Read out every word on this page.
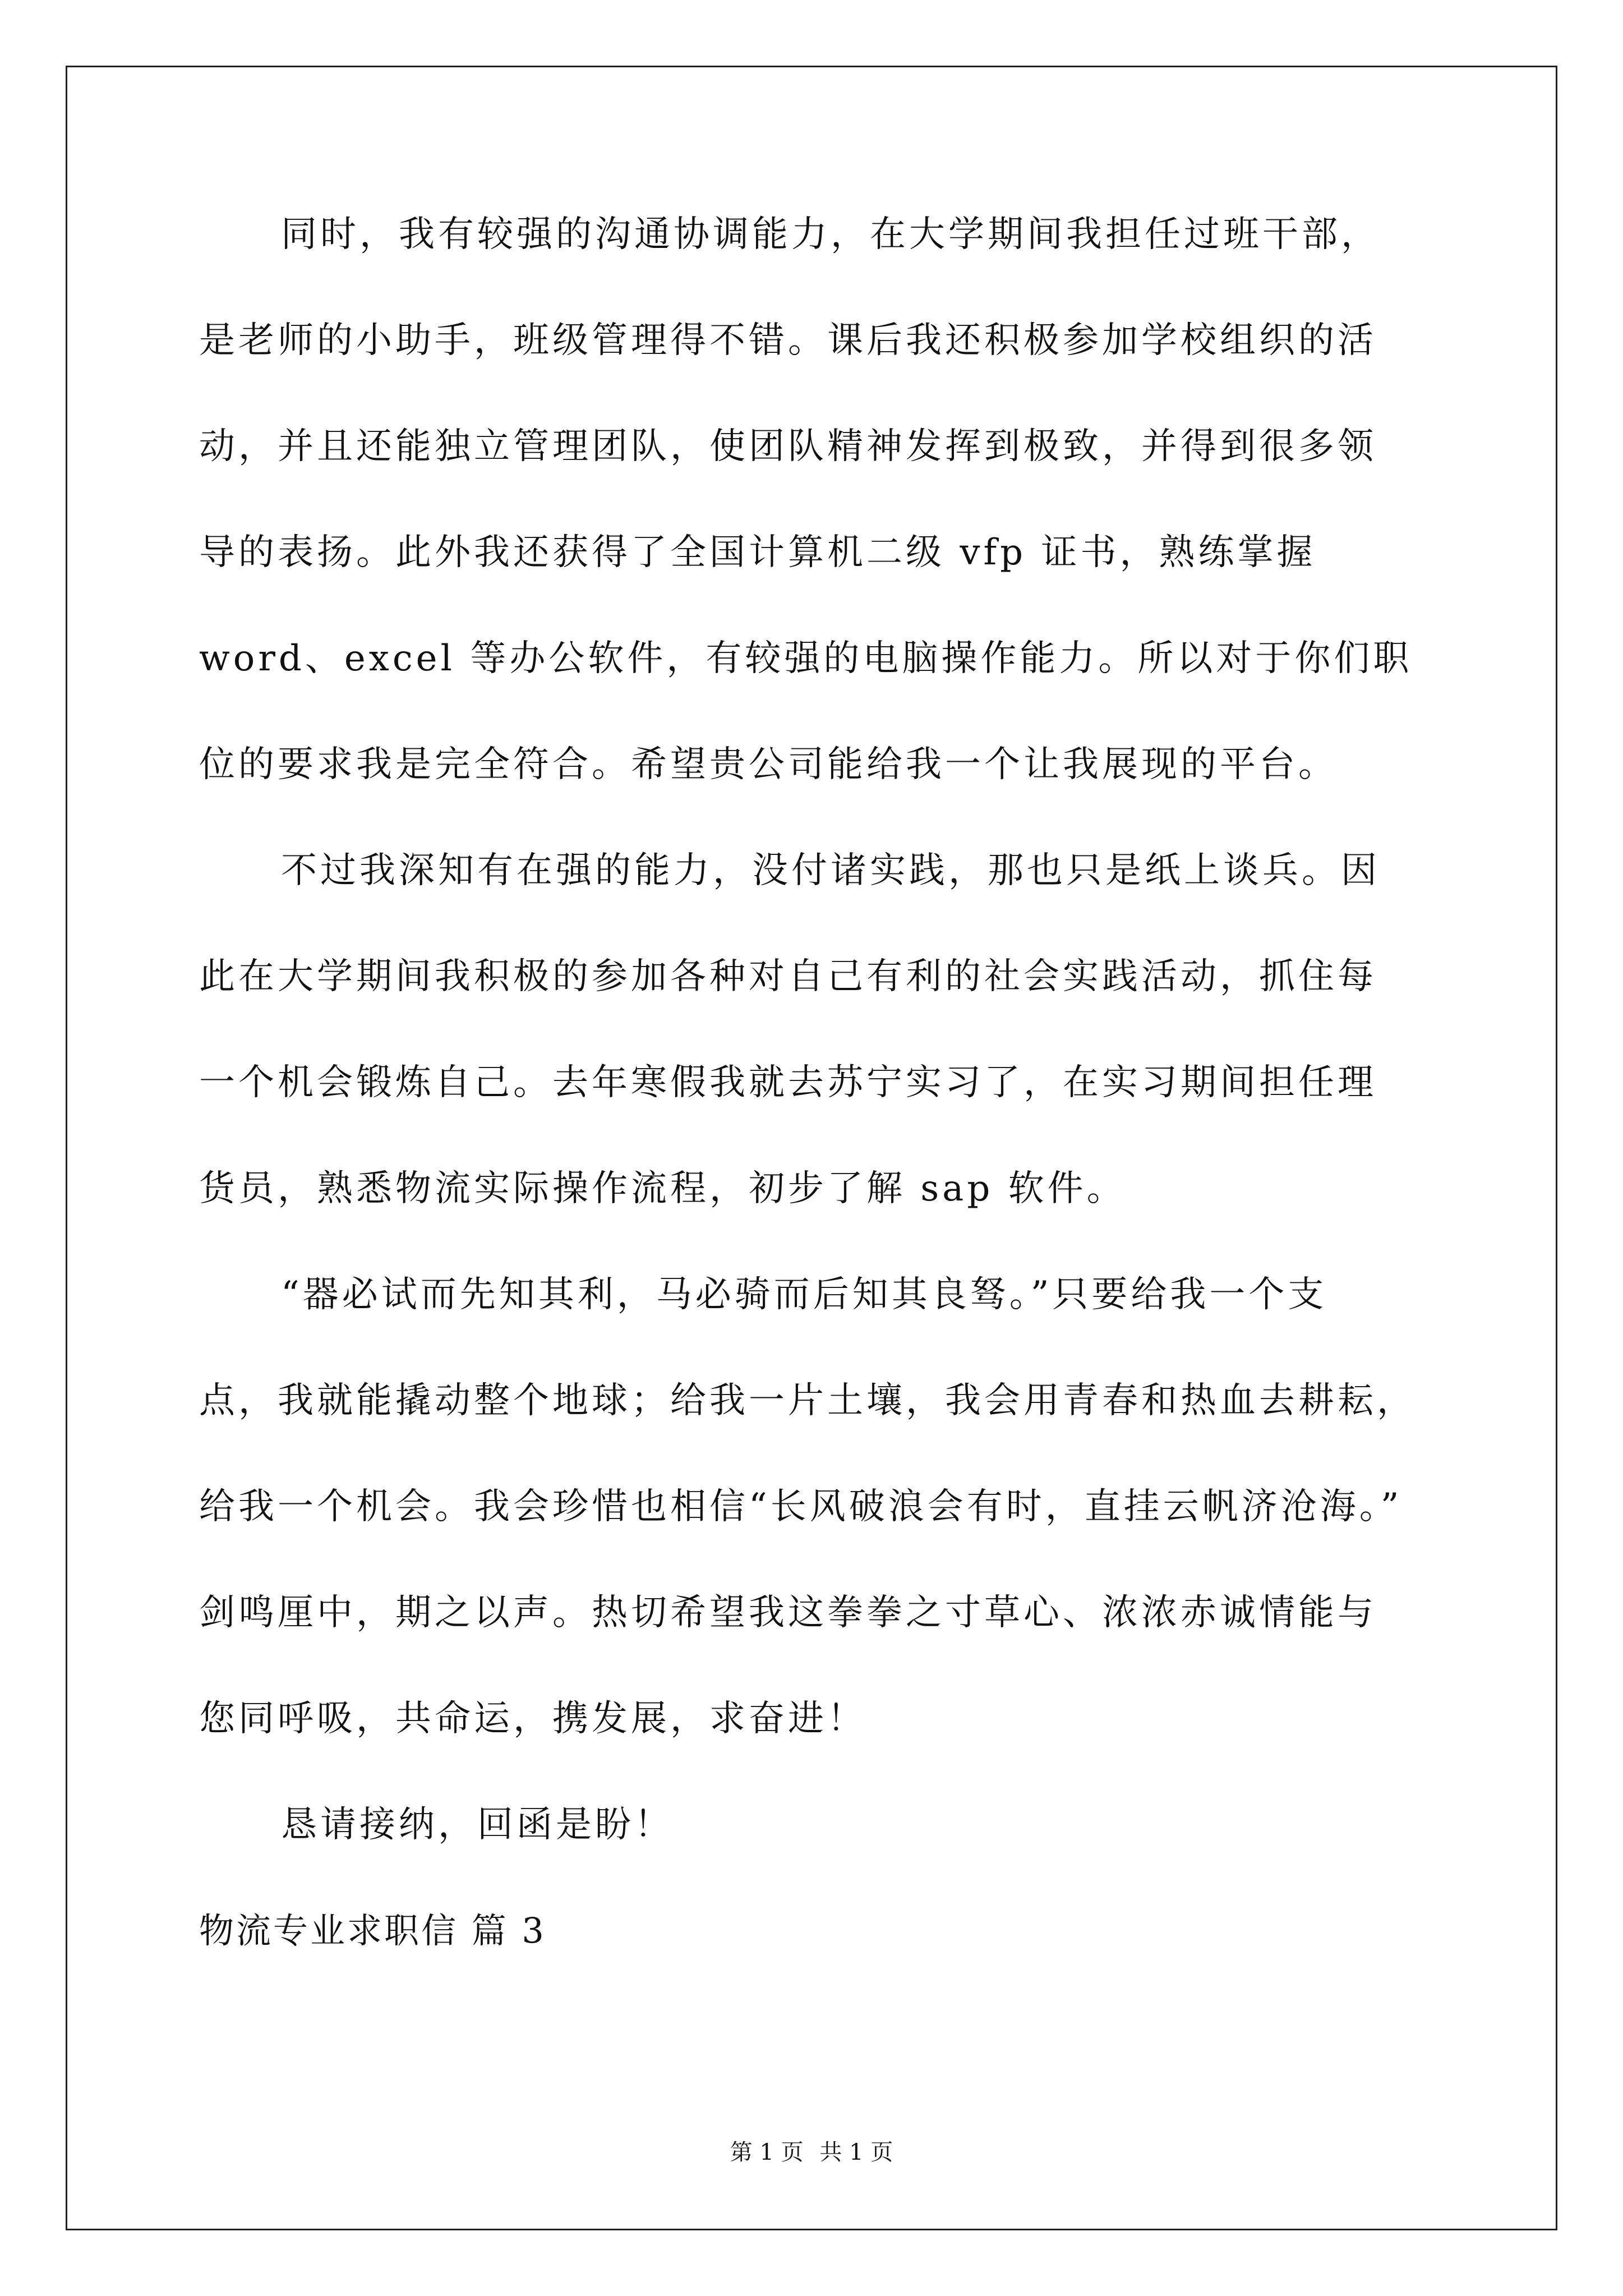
同时，我有较强的沟通协调能力，在大学期间我担任过班干部，
是老师的小助手，班级管理得不错。课后我还积极参加学校组织的活
动，并且还能独立管理团队，使团队精神发挥到极致，并得到很多领
导的表扬。此外我还获得了全国计算机二级 vfp 证书，熟练掌握
word、excel 等办公软件，有较强的电脑操作能力。所以对于你们职
位的要求我是完全符合。希望贵公司能给我一个让我展现的平台。
不过我深知有在强的能力，没付诸实践，那也只是纸上谈兵。因
此在大学期间我积极的参加各种对自己有利的社会实践活动，抓住每
一个机会锻炼自己。去年寒假我就去苏宁实习了，在实习期间担任理
货员，熟悉物流实际操作流程，初步了解 sap 软件。
“器必试而先知其利，马必骑而后知其良驽。”只要给我一个支
点，我就能撬动整个地球；给我一片土壤，我会用青春和热血去耕耘，
给我一个机会。我会珍惜也相信“长风破浪会有时，直挂云帆济沧海。”
剑鸣厘中，期之以声。热切希望我这拳拳之寸草心、浓浓赤诚情能与
您同呼吸，共命运，携发展，求奋进！
恳请接纳，回函是盼！
物流专业求职信 篇 3
第 1 页 共 1 页
